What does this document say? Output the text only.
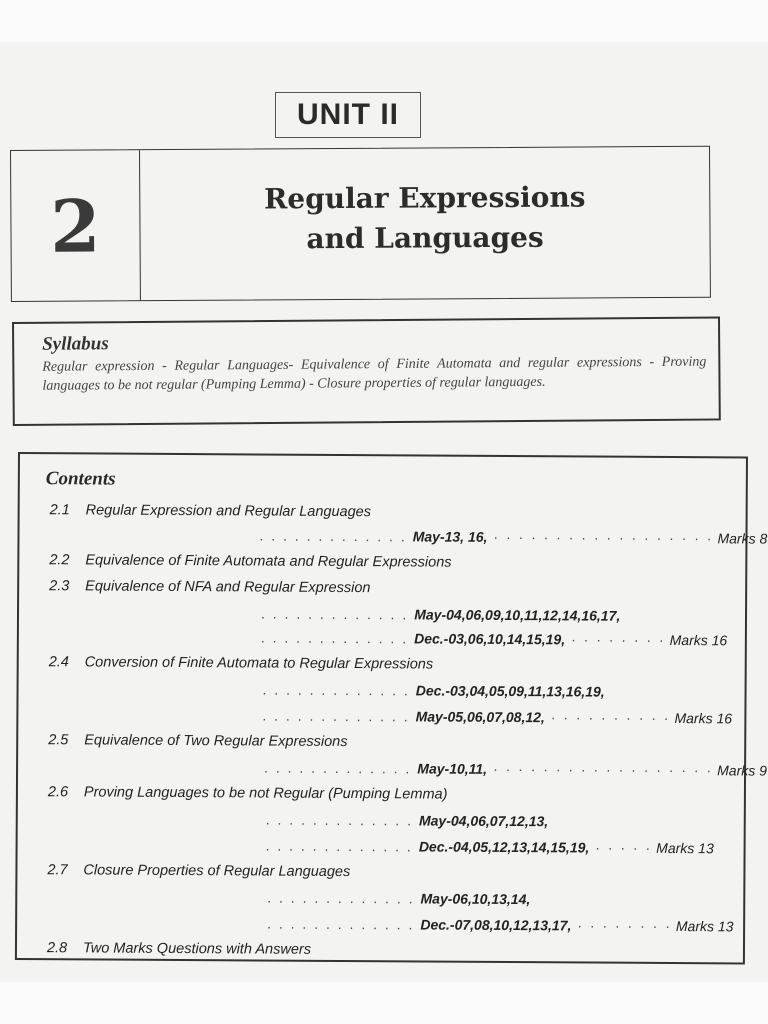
UNIT II
2	Regular Expressions
and Languages
Syllabus
Regular expression - Regular Languages- Equivalence of Finite Automata and regular expressions - Proving languages to be not regular (Pumping Lemma) - Closure properties of regular languages.
Contents
2.1 Regular Expression and Regular Languages
. . . . . . . . . . . . . May-13, 16, · · · · · · · · · · · · · · · · · · Marks 8
2.2 Equivalence of Finite Automata and Regular Expressions
2.3 Equivalence of NFA and Regular Expression
. . . . . . . . . . . . . May-04,06,09,10,11,12,14,16,17,
. . . . . . . . . . . . . Dec.-03,06,10,14,15,19, · · · · · · · · Marks 16
2.4 Conversion of Finite Automata to Regular Expressions
. . . . . . . . . . . . . Dec.-03,04,05,09,11,13,16,19,
. . . . . . . . . . . . . May-05,06,07,08,12, · · · · · · · · · · Marks 16
2.5 Equivalence of Two Regular Expressions
. . . . . . . . . . . . . May-10,11, · · · · · · · · · · · · · · · · · · Marks 9
2.6 Proving Languages to be not Regular (Pumping Lemma)
. . . . . . . . . . . . . May-04,06,07,12,13,
. . . . . . . . . . . . . Dec.-04,05,12,13,14,15,19, · · · · · Marks 13
2.7 Closure Properties of Regular Languages
. . . . . . . . . . . . . May-06,10,13,14,
. . . . . . . . . . . . . Dec.-07,08,10,12,13,17, · · · · · · · · Marks 13
2.8 Two Marks Questions with Answers
